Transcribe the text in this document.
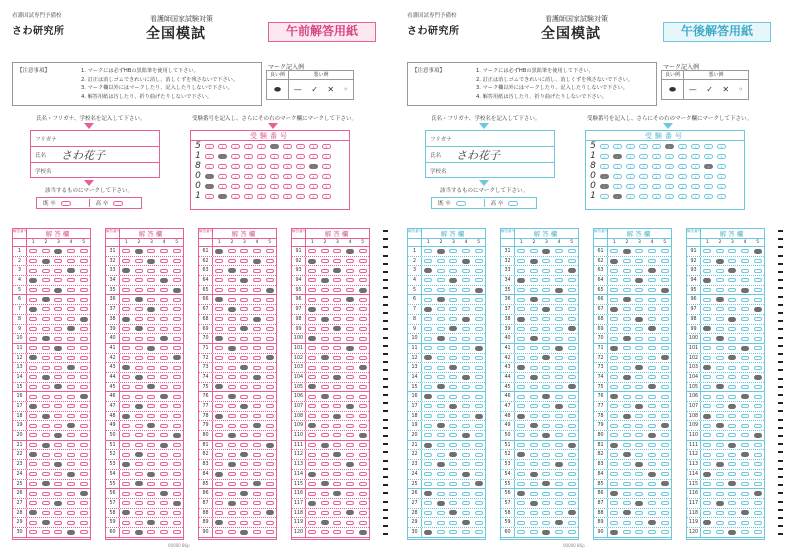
看護国試専門予備校
さわ研究所
看護師国家試験対策
全国模試	午前解答用紙
【注意事項】	1. マークには必ずHBの黒鉛筆を使用して下さい。
2. 訂正は消しゴムできれいに消し、消しくずを残さないで下さい。
3. マーク欄以外にはマークしたり、記入したりしないで下さい。
4. 解答用紙は汚したり、折り曲げたりしないで下さい。
マーク記入例
良い例	悪い例
⬬	— ✓ ✕ ◦
氏名・フリガナ、学校名を記入して下さい。	受験番号を記入し、さらにその右のマーク欄にマークして下さい。
フリガナ
氏名	さわ花子
学校名
受験番号
5	0	1	2	3	4	5	6	7	8	9
1	0	1	2	3	4	5	6	7	8	9
8	0	1	2	3	4	5	6	7	8	9
0	0	1	2	3	4	5	6	7	8	9
0	0	1	2	3	4	5	6	7	8	9
1	0	1	2	3	4	5	6	7	8	9
該当するものにマークして下さい。
既 卒	高 卒
解答番号	解答欄
1 2 3 4 5
1
2
3
4
5
6
7
8
9
10
11
12
13
14
15
16
17
18
19
20
21
22
23
24
25
26
27
28
29
30
解答番号	解答欄
1 2 3 4 5
31
32
33
34
35
36
37
38
39
40
41
42
43
44
45
46
47
48
49
50
51
52
53
54
55
56
57
58
59
60
解答番号	解答欄
1 2 3 4 5
61
62
63
64
65
66
67
68
69
70
71
72
73
74
75
76
77
78
79
80
81
82
83
84
85
86
87
88
89
90
解答番号	解答欄
1 2 3 4 5
91
92
93
94
95
96
97
98
99
100
101
102
103
104
105
106
107
108
109
110
111
112
113
114
115
116
117
118
119
120
00000 86p
看護国試専門予備校
さわ研究所
看護師国家試験対策
全国模試	午後解答用紙
【注意事項】	1. マークには必ずHBの黒鉛筆を使用して下さい。
2. 訂正は消しゴムできれいに消し、消しくずを残さないで下さい。
3. マーク欄以外にはマークしたり、記入したりしないで下さい。
4. 解答用紙は汚したり、折り曲げたりしないで下さい。
マーク記入例
良い例	悪い例
⬬	— ✓ ✕ ◦
氏名・フリガナ、学校名を記入して下さい。	受験番号を記入し、さらにその右のマーク欄にマークして下さい。
フリガナ
氏名	さわ花子
学校名
受験番号
5	0	1	2	3	4	5	6	7	8	9
1	0	1	2	3	4	5	6	7	8	9
8	0	1	2	3	4	5	6	7	8	9
0	0	1	2	3	4	5	6	7	8	9
0	0	1	2	3	4	5	6	7	8	9
1	0	1	2	3	4	5	6	7	8	9
該当するものにマークして下さい。
既 卒	高 卒
解答番号	解答欄
1 2 3 4 5
1
2
3
4
5
6
7
8
9
10
11
12
13
14
15
16
17
18
19
20
21
22
23
24
25
26
27
28
29
30
解答番号	解答欄
1 2 3 4 5
31
32
33
34
35
36
37
38
39
40
41
42
43
44
45
46
47
48
49
50
51
52
53
54
55
56
57
58
59
60
解答番号	解答欄
1 2 3 4 5
61
62
63
64
65
66
67
68
69
70
71
72
73
74
75
76
77
78
79
80
81
82
83
84
85
86
87
88
89
90
解答番号	解答欄
1 2 3 4 5
91
92
93
94
95
96
97
98
99
100
101
102
103
104
105
106
107
108
109
110
111
112
113
114
115
116
117
118
119
120
00000 86p
